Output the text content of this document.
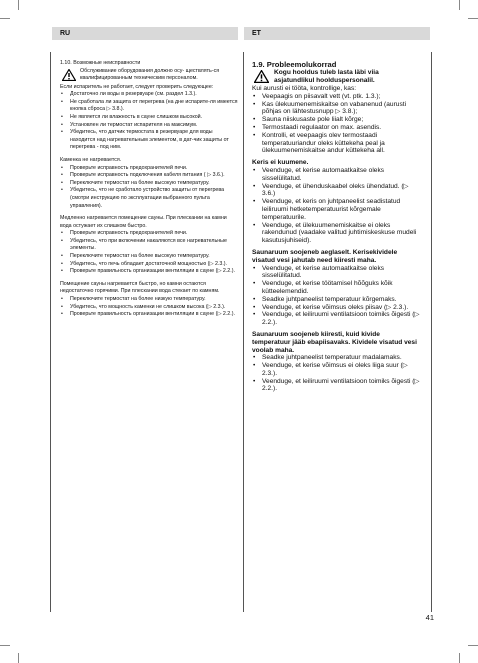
RU	ET
1.10. Возможные неисправности
Обслуживание оборудования должно осу- ществлять-ся квалифицированным техническим персоналом.
Если испаритель не работает, следует проверить следующее:
• Достаточно ли воды в резервуаре (см. раздел 1.3.).
• Не сработала ли защита от перегрева (на дне испарите-ля имеется кнопка сброса ▷ 3.8.).
• Не является ли влажность в сауне слишком высокой.
• Установлен ли термостат испарителя на максимум.
• Убедитесь, что датчик термостата в резервуаре для воды находится над нагревательным элементом, в дат-чик защиты от перегрева - под ним.
Каменка не нагревается.
• Проверьте исправность предохранителей печи.
• Проверьте исправность подключения кабеля питания ( ▷ 3.6.).
• Переключите термостат на более высокую температуру.
• Убедитесь, что не сработало устройство защиты от перегрева (смотри инструкцию по эксплуатации выбранного пульта управления).
Медленно нагревается помещение сауны. При плескании на камни вода остужает их слишком быстро.
• Проверьте исправность предохранителей печи.
• Убедитесь, что при включении накаляются все нагревательные элементы.
• Переключите термостат на более высокую температуру.
• Убедитесь, что печь обладает достаточной мощностью (▷ 2.3.).
• Проверьте правильность организации вентиляции в сауне (▷ 2.2.).
Помещение сауны нагревается быстро, но камни остаются недостаточно горячими. При плескании вода стекает по камням.
• Переключите термостат на более низкую температуру.
• Убедитесь, что мощность каменки не слишком высока (▷ 2.3.).
• Проверьте правильность организации вентиляции в сауне (▷ 2.2.).
1.9. Probleemolukorrad
Kogu hooldus tuleb lasta läbi viia asjatundlikul hoolduspersonalil.
Kui aurusti ei tööta, kontrollige, kas:
• Veepaagis on piisavalt vett (vt. ptk. 1.3.);
• Kas ülekuumenemiskaitse on vabanenud (aurusti põhjas on lähtestusnupp ▷ 3.8.);
• Sauna niiskusaste pole liialt kõrge;
• Termostaadi regulaator on max. asendis.
• Kontrolli, et veepaagis olev termostaadi temperatuuriandur oleks küttekeha peal ja ülekuumenemiskaitse andur küttekeha all.
Keris ei kuumene.
• Veenduge, et kerise automaatkaitse oleks sisselülitatud.
• Veenduge, et ühenduskaabel oleks ühendatud. (▷ 3.6.)
• Veenduge, et keris on juhtpaneelist seadistatud leiliruumi hetketemperatuurist kõrgemale temperatuurile.
• Veenduge, et ülekuumenemiskaitse ei oleks rakendunud (vaadake valitud juhtimiskeskuse mudeli kasutusjuhiseid).
Saunaruum soojeneb aeglaselt. Kerisekividele visatud vesi jahutab need kiiresti maha.
• Veenduge, et kerise automaatkaitse oleks sisselülitatud.
• Veenduge, et kerise töötamisel hõõguks kõik kütteelemendid.
• Seadke juhtpaneelist temperatuur kõrgemaks.
• Veenduge, et kerise võimsus oleks piisav (▷ 2.3.).
• Veenduge, et leiliruumi ventilatsioon toimiks õigesti (▷ 2.2.).
Saunaruum soojeneb kiiresti, kuid kivide temperatuur jääb ebapiisavaks. Kividele visatud vesi voolab maha.
• Seadke juhtpaneelist temperatuur madalamaks.
• Veenduge, et kerise võimsus ei oleks liiga suur (▷ 2.3.).
• Veenduge, et leiliruumi ventilatsioon toimiks õigesti (▷ 2.2.).
41
